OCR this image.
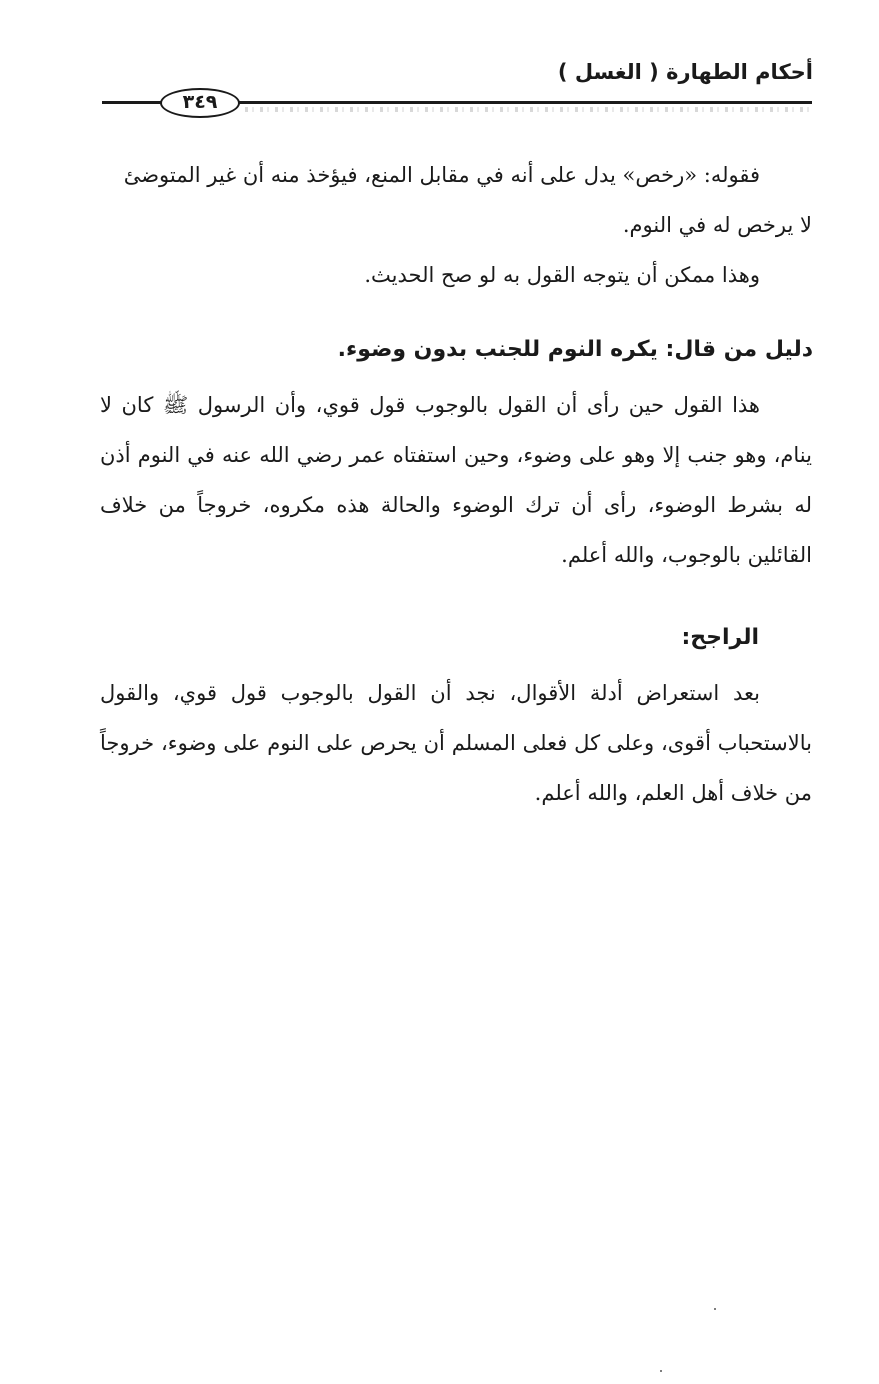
أحكام الطهارة ( الغسل )
٣٤٩

فقوله: «رخص» يدل على أنه في مقابل المنع، فيؤخذ منه أن غير المتوضئ

لا يرخص له في النوم.

وهذا ممكن أن يتوجه القول به لو صح الحديث.

دليل من قال: يكره النوم للجنب بدون وضوء.

هذا القول حين رأى أن القول بالوجوب قول قوي، وأن الرسول ﷺ كان لا ينام، وهو جنب إلا وهو على وضوء، وحين استفتاه عمر رضي الله عنه في النوم أذن له بشرط الوضوء، رأى أن ترك الوضوء والحالة هذه مكروه، خروجاً من خلاف القائلين بالوجوب، والله أعلم.

الراجح:

بعد استعراض أدلة الأقوال، نجد أن القول بالوجوب قول قوي، والقول بالاستحباب أقوى، وعلى كل فعلى المسلم أن يحرص على النوم على وضوء، خروجاً من خلاف أهل العلم، والله أعلم.
